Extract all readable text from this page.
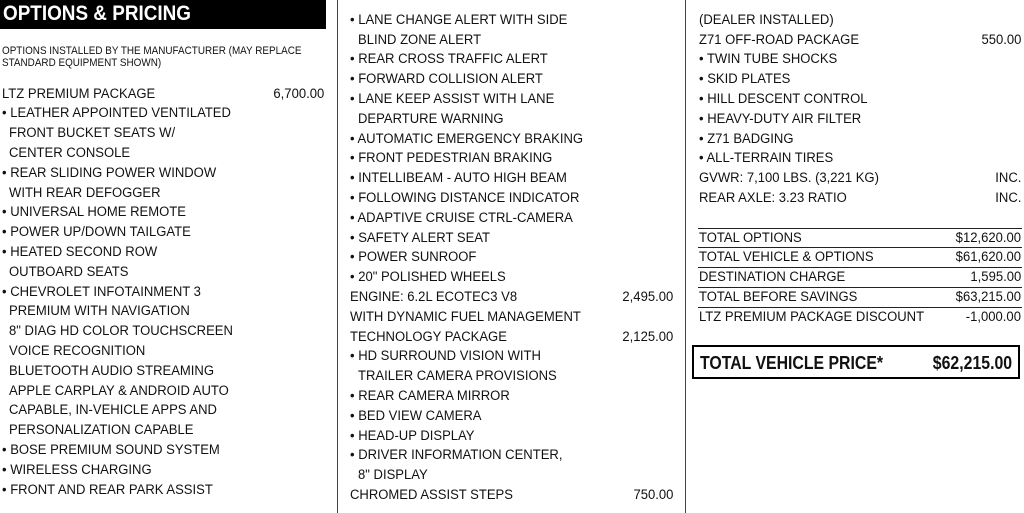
OPTIONS & PRICING
OPTIONS INSTALLED BY THE MANUFACTURER (MAY REPLACE
STANDARD EQUIPMENT SHOWN)
LTZ PREMIUM PACKAGE	6,700.00
• LEATHER APPOINTED VENTILATED
FRONT BUCKET SEATS W/
CENTER CONSOLE
• REAR SLIDING POWER WINDOW
WITH REAR DEFOGGER
• UNIVERSAL HOME REMOTE
• POWER UP/DOWN TAILGATE
• HEATED SECOND ROW
OUTBOARD SEATS
• CHEVROLET INFOTAINMENT 3
PREMIUM WITH NAVIGATION
8" DIAG HD COLOR TOUCHSCREEN
VOICE RECOGNITION
BLUETOOTH AUDIO STREAMING
APPLE CARPLAY & ANDROID AUTO
CAPABLE, IN-VEHICLE APPS AND
PERSONALIZATION CAPABLE
• BOSE PREMIUM SOUND SYSTEM
• WIRELESS CHARGING
• FRONT AND REAR PARK ASSIST
• LANE CHANGE ALERT WITH SIDE
BLIND ZONE ALERT
• REAR CROSS TRAFFIC ALERT
• FORWARD COLLISION ALERT
• LANE KEEP ASSIST WITH LANE
DEPARTURE WARNING
• AUTOMATIC EMERGENCY BRAKING
• FRONT PEDESTRIAN BRAKING
• INTELLIBEAM - AUTO HIGH BEAM
• FOLLOWING DISTANCE INDICATOR
• ADAPTIVE CRUISE CTRL-CAMERA
• SAFETY ALERT SEAT
• POWER SUNROOF
• 20" POLISHED WHEELS
ENGINE: 6.2L ECOTEC3 V8	2,495.00
WITH DYNAMIC FUEL MANAGEMENT
TECHNOLOGY PACKAGE	2,125.00
• HD SURROUND VISION WITH
TRAILER CAMERA PROVISIONS
• REAR CAMERA MIRROR
• BED VIEW CAMERA
• HEAD-UP DISPLAY
• DRIVER INFORMATION CENTER,
8" DISPLAY
CHROMED ASSIST STEPS	750.00
(DEALER INSTALLED)
Z71 OFF-ROAD PACKAGE	550.00
• TWIN TUBE SHOCKS
• SKID PLATES
• HILL DESCENT CONTROL
• HEAVY-DUTY AIR FILTER
• Z71 BADGING
• ALL-TERRAIN TIRES
GVWR: 7,100 LBS. (3,221 KG)	INC.
REAR AXLE: 3.23 RATIO	INC.
TOTAL OPTIONS	$12,620.00
TOTAL VEHICLE & OPTIONS	$61,620.00
DESTINATION CHARGE	1,595.00
TOTAL BEFORE SAVINGS	$63,215.00
LTZ PREMIUM PACKAGE DISCOUNT	-1,000.00
TOTAL VEHICLE PRICE*	$62,215.00
